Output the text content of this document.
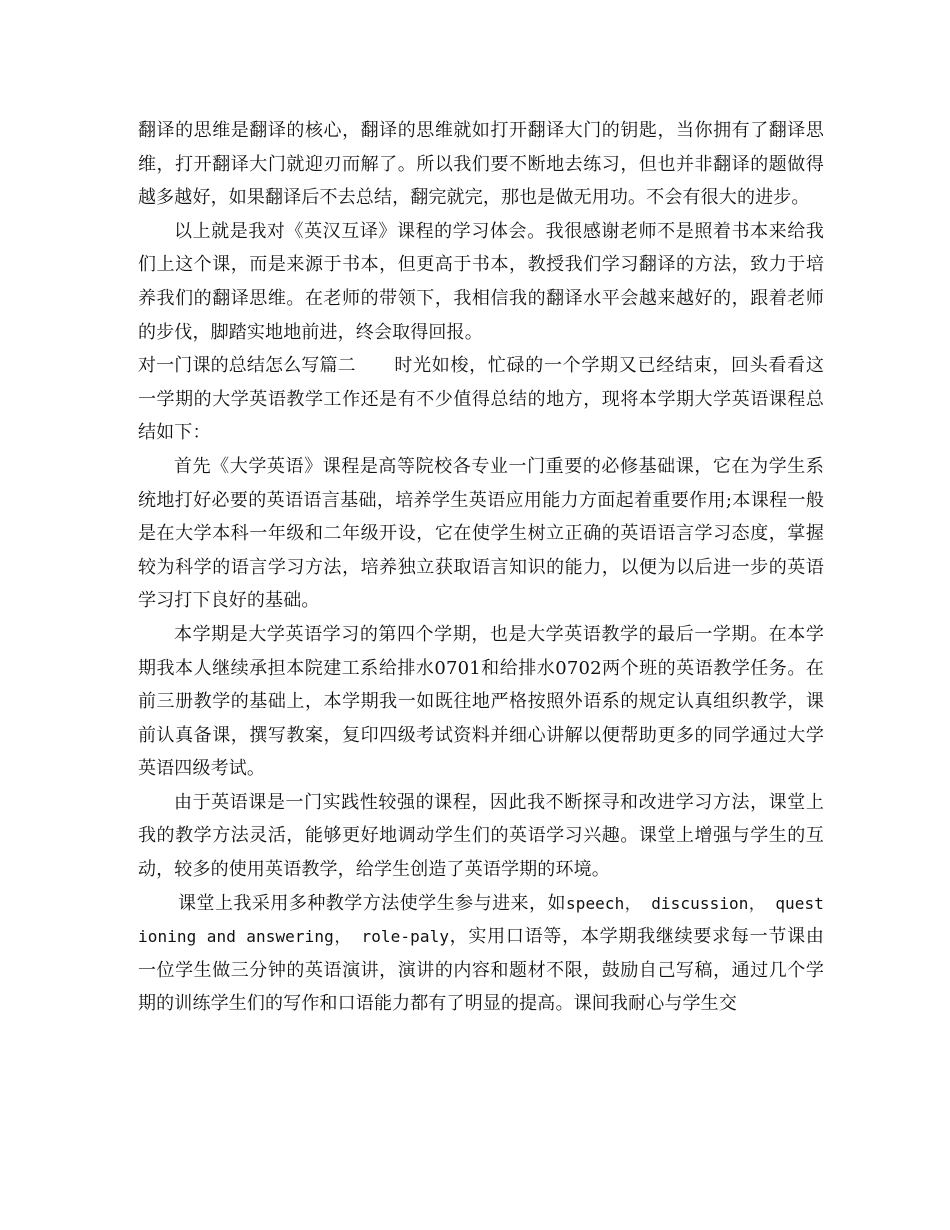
翻译的思维是翻译的核心，翻译的思维就如打开翻译大门的钥匙，当你拥有了翻译思维，打开翻译大门就迎刃而解了。所以我们要不断地去练习，但也并非翻译的题做得越多越好，如果翻译后不去总结，翻完就完，那也是做无用功。不会有很大的进步。

以上就是我对《英汉互译》课程的学习体会。我很感谢老师不是照着书本来给我们上这个课，而是来源于书本，但更高于书本，教授我们学习翻译的方法，致力于培养我们的翻译思维。在老师的带领下，我相信我的翻译水平会越来越好的，跟着老师的步伐，脚踏实地地前进，终会取得回报。

对一门课的总结怎么写篇二 时光如梭，忙碌的一个学期又已经结束，回头看看这一学期的大学英语教学工作还是有不少值得总结的地方，现将本学期大学英语课程总结如下：

首先《大学英语》课程是高等院校各专业一门重要的必修基础课，它在为学生系统地打好必要的英语语言基础，培养学生英语应用能力方面起着重要作用;本课程一般是在大学本科一年级和二年级开设，它在使学生树立正确的英语语言学习态度，掌握较为科学的语言学习方法，培养独立获取语言知识的能力，以便为以后进一步的英语学习打下良好的基础。

本学期是大学英语学习的第四个学期，也是大学英语教学的最后一学期。在本学期我本人继续承担本院建工系给排水0701和给排水0702两个班的英语教学任务。在前三册教学的基础上，本学期我一如既往地严格按照外语系的规定认真组织教学，课前认真备课，撰写教案，复印四级考试资料并细心讲解以便帮助更多的同学通过大学英语四级考试。

由于英语课是一门实践性较强的课程，因此我不断探寻和改进学习方法，课堂上我的教学方法灵活，能够更好地调动学生们的英语学习兴趣。课堂上增强与学生的互动，较多的使用英语教学，给学生创造了英语学期的环境。

课堂上我采用多种教学方法使学生参与进来，如speech， discussion， questioning and answering， role-paly，实用口语等，本学期我继续要求每一节课由一位学生做三分钟的英语演讲，演讲的内容和题材不限，鼓励自己写稿，通过几个学期的训练学生们的写作和口语能力都有了明显的提高。课间我耐心与学生交
